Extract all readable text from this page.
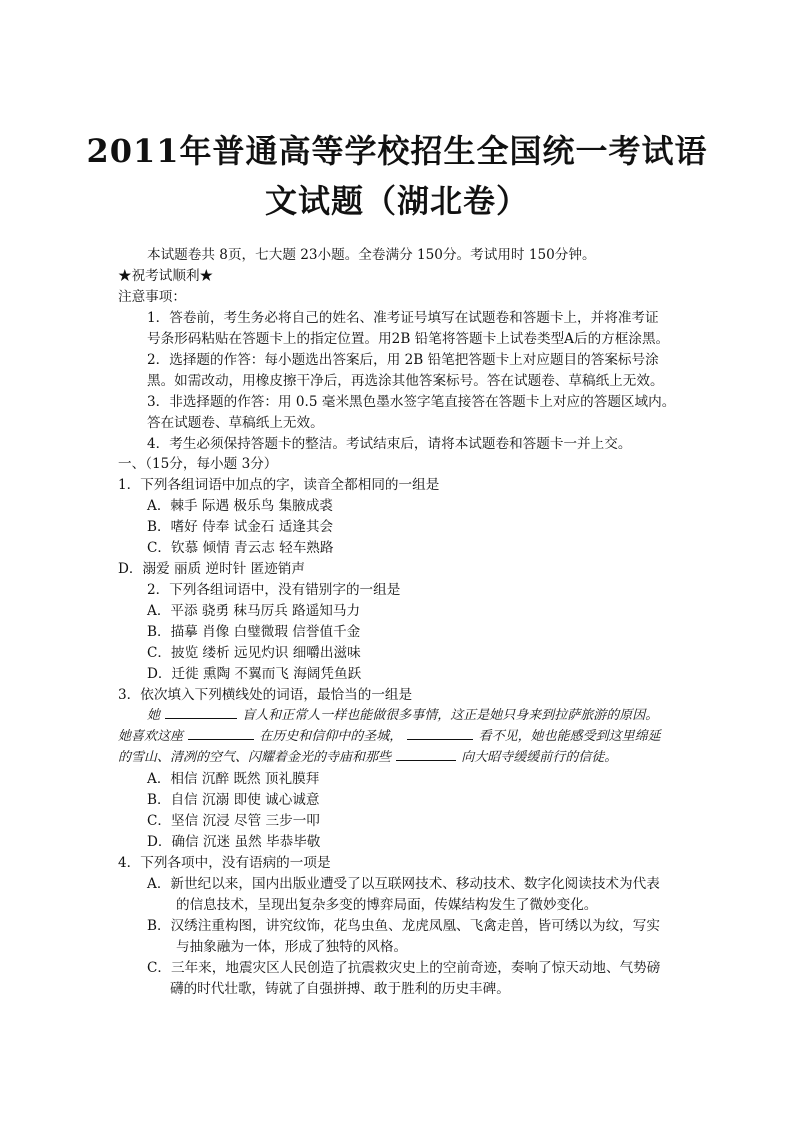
2011年普通高等学校招生全国统一考试语
文试题（湖北卷）
本试题卷共 8页，七大题 23小题。全卷满分 150分。考试用时 150分钟。
★祝考试顺利★
注意事项：
1．答卷前，考生务必将自己的姓名、准考证号填写在试题卷和答题卡上，并将准考证
号条形码粘贴在答题卡上的指定位置。用2B 铅笔将答题卡上试卷类型A后的方框涂黑。
2．选择题的作答：每小题选出答案后，用 2B 铅笔把答题卡上对应题目的答案标号涂
黑。如需改动，用橡皮擦干净后，再选涂其他答案标号。答在试题卷、草稿纸上无效。
3．非选择题的作答：用 0.5 毫米黑色墨水签字笔直接答在答题卡上对应的答题区域内。
答在试题卷、草稿纸上无效。
4．考生必须保持答题卡的整洁。考试结束后，请将本试题卷和答题卡一并上交。
一、（15分，每小题 3分）
1．下列各组词语中加点的字，读音全都相同的一组是
A．棘手 际遇 极乐鸟 集腋成裘
B．嗜好 侍奉 试金石 适逢其会
C．钦慕 倾情 青云志 轻车熟路
D．溺爱 丽质 逆时针 匿迹销声
2．下列各组词语中，没有错别字的一组是
A．平添 骁勇 秣马厉兵 路遥知马力
B．描摹 肖像 白璧微瑕 信誉值千金
C．披览 缕析 远见灼识 细嚼出滋味
D．迁徙 熏陶 不翼而飞 海阔凭鱼跃
3．依次填入下列横线处的词语，最恰当的一组是
她	盲人和正常人一样也能做很多事情，这正是她只身来到拉萨旅游的原因。
她喜欢这座	在历史和信仰中的圣城，	看不见，她也能感受到这里绵延
的雪山、清冽的空气、闪耀着金光的寺庙和那些	向大昭寺缓缓前行的信徒。
A．相信 沉醉 既然 顶礼膜拜
B．自信 沉溺 即使 诚心诚意
C．坚信 沉浸 尽管 三步一叩
D．确信 沉迷 虽然 毕恭毕敬
4．下列各项中，没有语病的一项是
A．新世纪以来，国内出版业遭受了以互联网技术、移动技术、数字化阅读技术为代表
的信息技术，呈现出复杂多变的博弈局面，传媒结构发生了微妙变化。
B．汉绣注重构图，讲究纹饰，花鸟虫鱼、龙虎凤凰、飞禽走兽，皆可绣以为纹，写实
与抽象融为一体，形成了独特的风格。
C．三年来，地震灾区人民创造了抗震救灾史上的空前奇迹，奏响了惊天动地、气势磅
礴的时代壮歌，铸就了自强拼搏、敢于胜利的历史丰碑。
